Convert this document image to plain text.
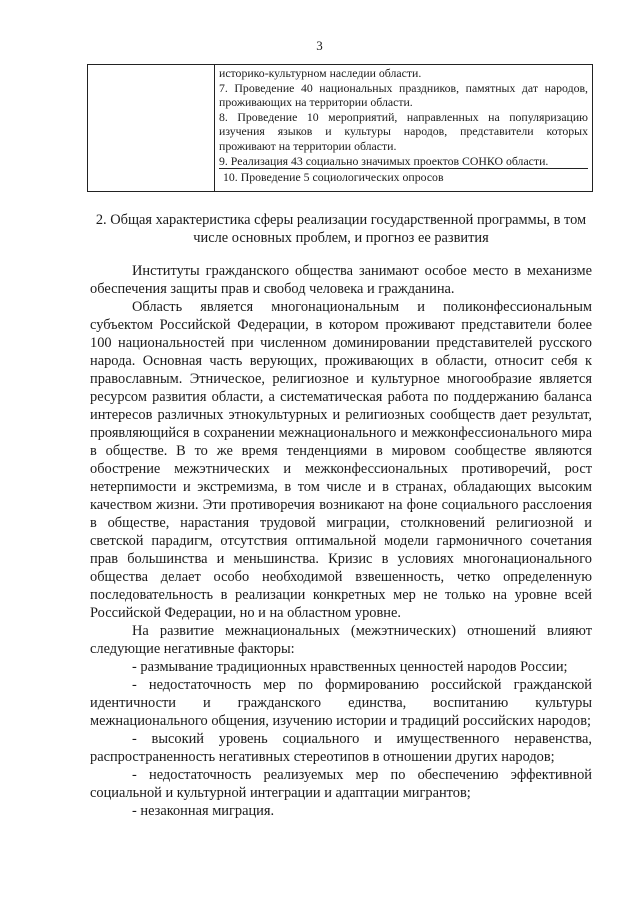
3

историко-культурном наследии области.

7. Проведение 40 национальных праздников, памятных дат народов, проживающих на территории области.

8. Проведение 10 мероприятий, направленных на популяризацию изучения языков и культуры народов, представители которых проживают на территории области.

9. Реализация 43 социально значимых проектов СОНКО области.

10. Проведение 5 социологических опросов

2. Общая характеристика сферы реализации государственной программы, в том числе основных проблем, и прогноз ее развития

Институты гражданского общества занимают особое место в механизме обеспечения защиты прав и свобод человека и гражданина.

Область является многонациональным и поликонфессиональным субъектом Российской Федерации, в котором проживают представители более 100 национальностей при численном доминировании представителей русского народа. Основная часть верующих, проживающих в области, относит себя к православным. Этническое, религиозное и культурное многообразие является ресурсом развития области, а систематическая работа по поддержанию баланса интересов различных этнокультурных и религиозных сообществ дает результат, проявляющийся в сохранении межнационального и межконфессионального мира в обществе. В то же время тенденциями в мировом сообществе являются обострение межэтнических и межконфессиональных противоречий, рост нетерпимости и экстремизма, в том числе и в странах, обладающих высоким качеством жизни. Эти противоречия возникают на фоне социального расслоения в обществе, нарастания трудовой миграции, столкновений религиозной и светской парадигм, отсутствия оптимальной модели гармоничного сочетания прав большинства и меньшинства. Кризис в условиях многонационального общества делает особо необходимой взвешенность, четко определенную последовательность в реализации конкретных мер не только на уровне всей Российской Федерации, но и на областном уровне.

На развитие межнациональных (межэтнических) отношений влияют следующие негативные факторы:

- размывание традиционных нравственных ценностей народов России;

- недостаточность мер по формированию российской гражданской идентичности и гражданского единства, воспитанию культуры межнационального общения, изучению истории и традиций российских народов;

- высокий уровень социального и имущественного неравенства, распространенность негативных стереотипов в отношении других народов;

- недостаточность реализуемых мер по обеспечению эффективной социальной и культурной интеграции и адаптации мигрантов;

- незаконная миграция.
